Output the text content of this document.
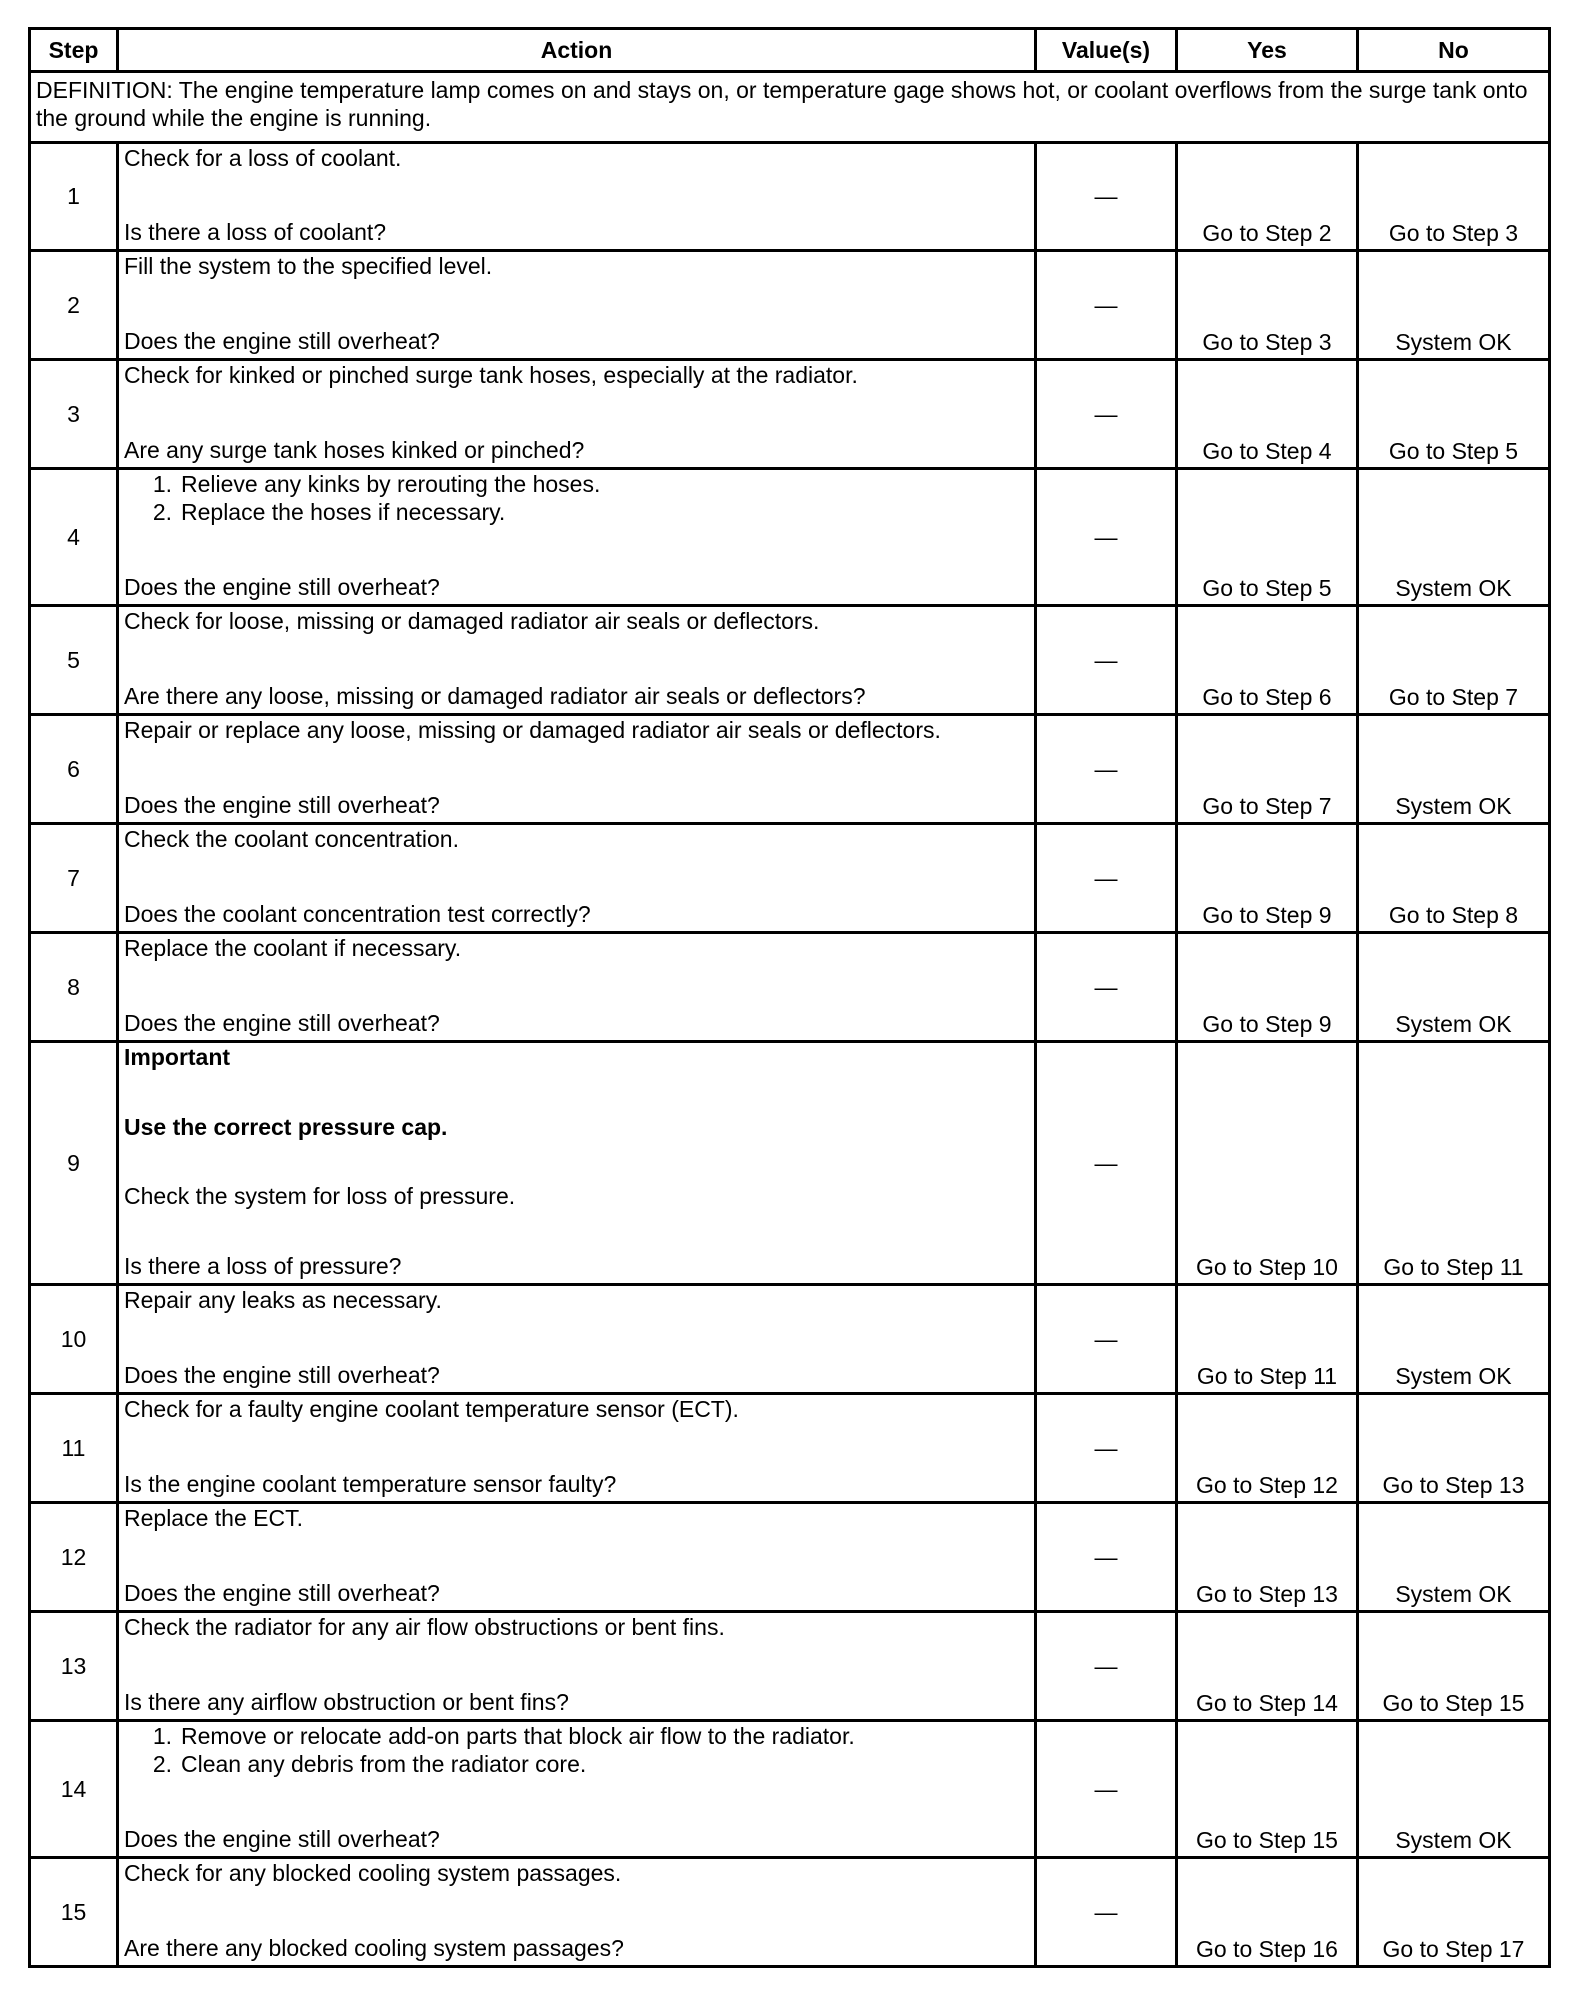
Step	Action	Value(s)	Yes	No
DEFINITION: The engine temperature lamp comes on and stays on, or temperature gage shows hot, or coolant overflows from the surge tank onto the ground while the engine is running.				
1	Check for a loss of coolant.
Is there a loss of coolant?	—	Go to Step 2	Go to Step 3
2	Fill the system to the specified level.
Does the engine still overheat?	—	Go to Step 3	System OK
3	Check for kinked or pinched surge tank hoses, especially at the radiator.
Are any surge tank hoses kinked or pinched?	—	Go to Step 4	Go to Step 5
4	1. Relieve any kinks by rerouting the hoses.
2. Replace the hoses if necessary.
Does the engine still overheat?	—	Go to Step 5	System OK
5	Check for loose, missing or damaged radiator air seals or deflectors.
Are there any loose, missing or damaged radiator air seals or deflectors?	—	Go to Step 6	Go to Step 7
6	Repair or replace any loose, missing or damaged radiator air seals or deflectors.
Does the engine still overheat?	—	Go to Step 7	System OK
7	Check the coolant concentration.
Does the coolant concentration test correctly?	—	Go to Step 9	Go to Step 8
8	Replace the coolant if necessary.
Does the engine still overheat?	—	Go to Step 9	System OK
9	Important
Use the correct pressure cap.
Check the system for loss of pressure.
Is there a loss of pressure?	—	Go to Step 10	Go to Step 11
10	Repair any leaks as necessary.
Does the engine still overheat?	—	Go to Step 11	System OK
11	Check for a faulty engine coolant temperature sensor (ECT).
Is the engine coolant temperature sensor faulty?	—	Go to Step 12	Go to Step 13
12	Replace the ECT.
Does the engine still overheat?	—	Go to Step 13	System OK
13	Check the radiator for any air flow obstructions or bent fins.
Is there any airflow obstruction or bent fins?	—	Go to Step 14	Go to Step 15
14	1. Remove or relocate add-on parts that block air flow to the radiator.
2. Clean any debris from the radiator core.
Does the engine still overheat?	—	Go to Step 15	System OK
15	Check for any blocked cooling system passages.
Are there any blocked cooling system passages?	—	Go to Step 16	Go to Step 17
